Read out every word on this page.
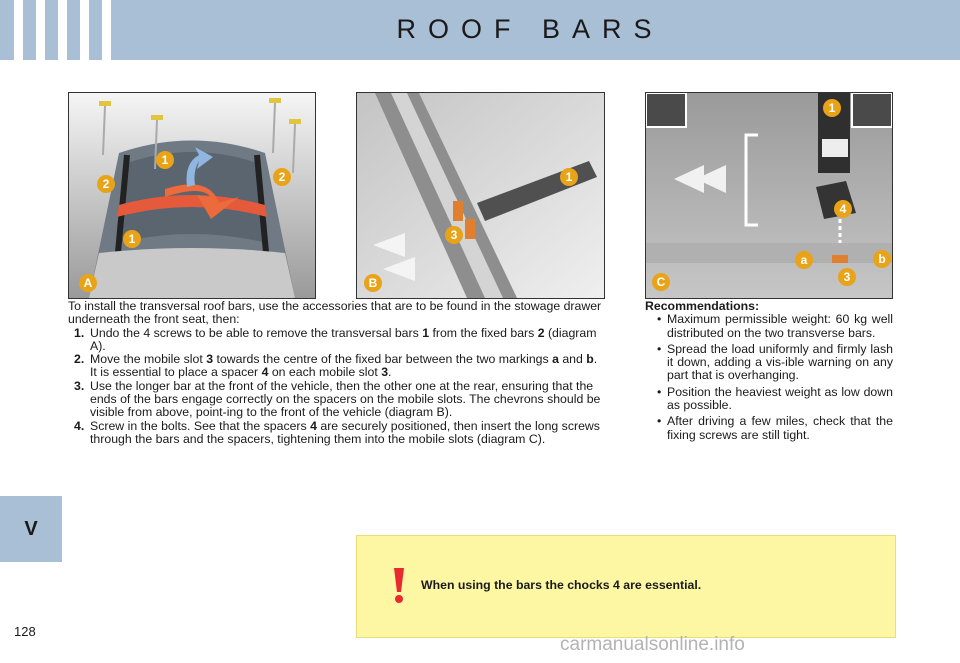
ROOF BARS
V
1
2	2
1
A
1
3
B
1
4
a	b
3
C
To install the transversal roof bars, use the accessories that are to be found in the stowage drawer underneath the front seat, then:
1. Undo the 4 screws to be able to remove the transversal bars 1 from the fixed bars 2 (diagram A).
2. Move the mobile slot 3 towards the centre of the fixed bar between the two markings a and b. It is essential to place a spacer 4 on each mobile slot 3.
3. Use the longer bar at the front of the vehicle, then the other one at the rear, ensuring that the ends of the bars engage correctly on the spacers on the mobile slots. The chevrons should be visible from above, point-ing to the front of the vehicle (diagram B).
4. Screw in the bolts. See that the spacers 4 are securely positioned, then insert the long screws through the bars and the spacers, tightening them into the mobile slots (diagram C).
Recommendations:
• Maximum permissible weight: 60 kg well distributed on the two transverse bars.
• Spread the load uniformly and firmly lash it down, adding a vis-ible warning on any part that is overhanging.
• Position the heaviest weight as low down as possible.
• After driving a few miles, check that the fixing screws are still tight.
When using the bars the chocks 4 are essential.
128
carmanualsonline.info
